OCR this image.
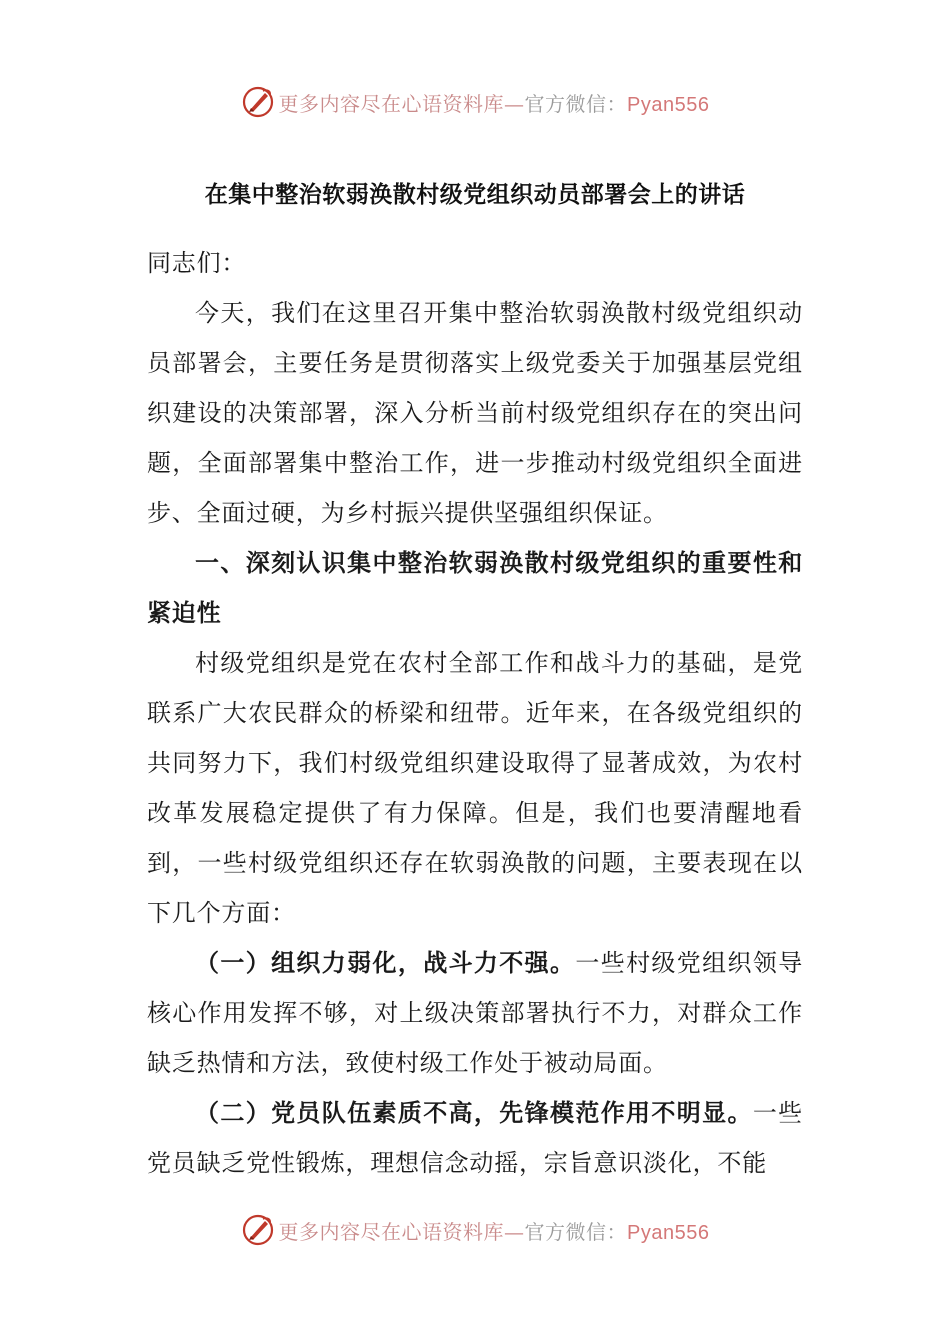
更多内容尽在心语资料库—官方微信：Pyan556
在集中整治软弱涣散村级党组织动员部署会上的讲话

同志们：

今天，我们在这里召开集中整治软弱涣散村级党组织动员部署会，主要任务是贯彻落实上级党委关于加强基层党组织建设的决策部署，深入分析当前村级党组织存在的突出问题，全面部署集中整治工作，进一步推动村级党组织全面进步、全面过硬，为乡村振兴提供坚强组织保证。

一、深刻认识集中整治软弱涣散村级党组织的重要性和紧迫性

村级党组织是党在农村全部工作和战斗力的基础，是党联系广大农民群众的桥梁和纽带。近年来，在各级党组织的共同努力下，我们村级党组织建设取得了显著成效，为农村改革发展稳定提供了有力保障。但是，我们也要清醒地看到，一些村级党组织还存在软弱涣散的问题，主要表现在以下几个方面：

（一）组织力弱化，战斗力不强。一些村级党组织领导核心作用发挥不够，对上级决策部署执行不力，对群众工作缺乏热情和方法，致使村级工作处于被动局面。

（二）党员队伍素质不高，先锋模范作用不明显。一些党员缺乏党性锻炼，理想信念动摇，宗旨意识淡化，不能

更多内容尽在心语资料库—官方微信：Pyan556
